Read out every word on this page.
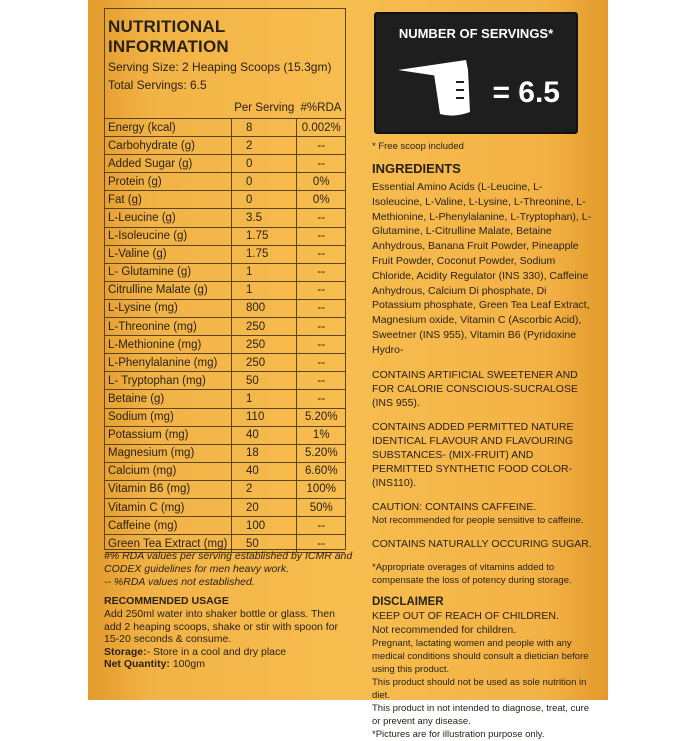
NUTRITIONAL INFORMATION
Serving Size: 2 Heaping Scoops (15.3gm)
Total Servings: 6.5
	Per Serving	#%RDA
Energy (kcal)	8	0.002%
Carbohydrate (g)	2	--
Added Sugar (g)	0	--
Protein (g)	0	0%
Fat (g)	0	0%
L-Leucine (g)	3.5	--
L-Isoleucine (g)	1.75	--
L-Valine (g)	1.75	--
L- Glutamine (g)	1	--
Citrulline Malate (g)	1	--
L-Lysine (mg)	800	--
L-Threonine (mg)	250	--
L-Methionine (mg)	250	--
L-Phenylalanine (mg)	250	--
L- Tryptophan (mg)	50	--
Betaine (g)	1	--
Sodium (mg)	110	5.20%
Potassium (mg)	40	1%
Magnesium (mg)	18	5.20%
Calcium (mg)	40	6.60%
Vitamin B6 (mg)	2	100%
Vitamin C (mg)	20	50%
Caffeine (mg)	100	--
Green Tea Extract (mg)	50	--
#% RDA values per serving established by ICMR and CODEX guidelines for men heavy work.
-- %RDA values not established.
RECOMMENDED USAGE
Add 250ml water into shaker bottle or glass. Then add 2 heaping scoops, shake or stir with spoon for 15-20 seconds & consume.
Storage:- Store in a cool and dry place
Net Quantity: 100gm
NUMBER OF SERVINGS*
= 6.5
* Free scoop included
INGREDIENTS
Essential Amino Acids (L-Leucine, L-Isoleucine, L-Valine, L-Lysine, L-Threonine, L-Methionine, L-Phenylalanine, L-Tryptophan), L-Glutamine, L-Citrulline Malate, Betaine Anhydrous, Banana Fruit Powder, Pineapple Fruit Powder, Coconut Powder, Sodium Chloride, Acidity Regulator (INS 330), Caffeine Anhydrous, Calcium Di phosphate, Di Potassium phosphate, Green Tea Leaf Extract, Magnesium oxide, Vitamin C (Ascorbic Acid), Sweetner (INS 955), Vitamin B6 (Pyridoxine Hydro-
CONTAINS ARTIFICIAL SWEETENER AND FOR CALORIE CONSCIOUS-SUCRALOSE (INS 955).
CONTAINS ADDED PERMITTED NATURE IDENTICAL FLAVOUR AND FLAVOURING SUBSTANCES- (MIX-FRUIT) AND PERMITTED SYNTHETIC FOOD COLOR- (INS110).
CAUTION: CONTAINS CAFFEINE.
Not recommended for people sensitive to caffeine.
CONTAINS NATURALLY OCCURING SUGAR.
*Appropriate overages of vitamins added to compensate the loss of potency during storage.
DISCLAIMER
KEEP OUT OF REACH OF CHILDREN.
Not recommended for children.
Pregnant, lactating women and people with any medical conditions should consult a dietician before using this product.
This product should not be used as sole nutrition in diet.
This product in not intended to diagnose, treat, cure or prevent any disease.
*Pictures are for illustration purpose only.
